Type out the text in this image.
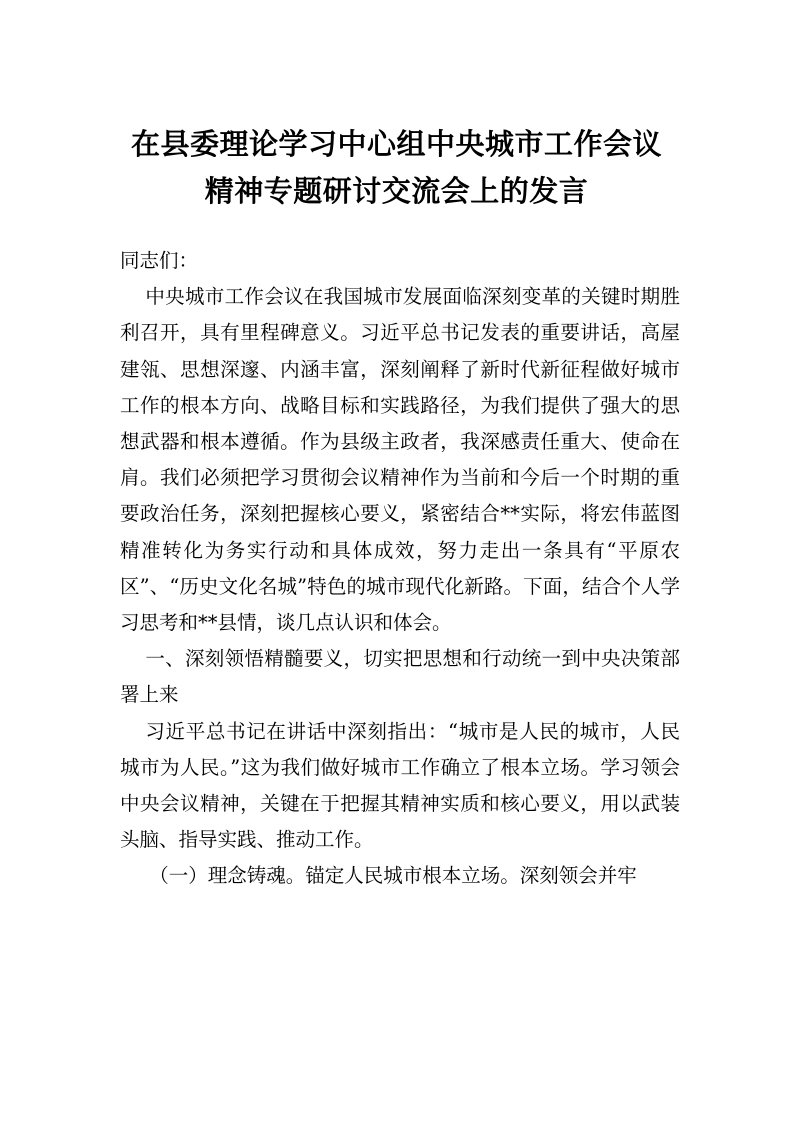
在县委理论学习中心组中央城市工作会议
精神专题研讨交流会上的发言

同志们：

中央城市工作会议在我国城市发展面临深刻变革的关键时期胜利召开，具有里程碑意义。习近平总书记发表的重要讲话，高屋建瓴、思想深邃、内涵丰富，深刻阐释了新时代新征程做好城市工作的根本方向、战略目标和实践路径，为我们提供了强大的思想武器和根本遵循。作为县级主政者，我深感责任重大、使命在肩。我们必须把学习贯彻会议精神作为当前和今后一个时期的重要政治任务，深刻把握核心要义，紧密结合**实际，将宏伟蓝图精准转化为务实行动和具体成效，努力走出一条具有“平原农区”、“历史文化名城”特色的城市现代化新路。下面，结合个人学习思考和**县情，谈几点认识和体会。

一、深刻领悟精髓要义，切实把思想和行动统一到中央决策部署上来

习近平总书记在讲话中深刻指出：“城市是人民的城市，人民城市为人民。”这为我们做好城市工作确立了根本立场。学习领会中央会议精神，关键在于把握其精神实质和核心要义，用以武装头脑、指导实践、推动工作。

（一）理念铸魂。锚定人民城市根本立场。深刻领会并牢
